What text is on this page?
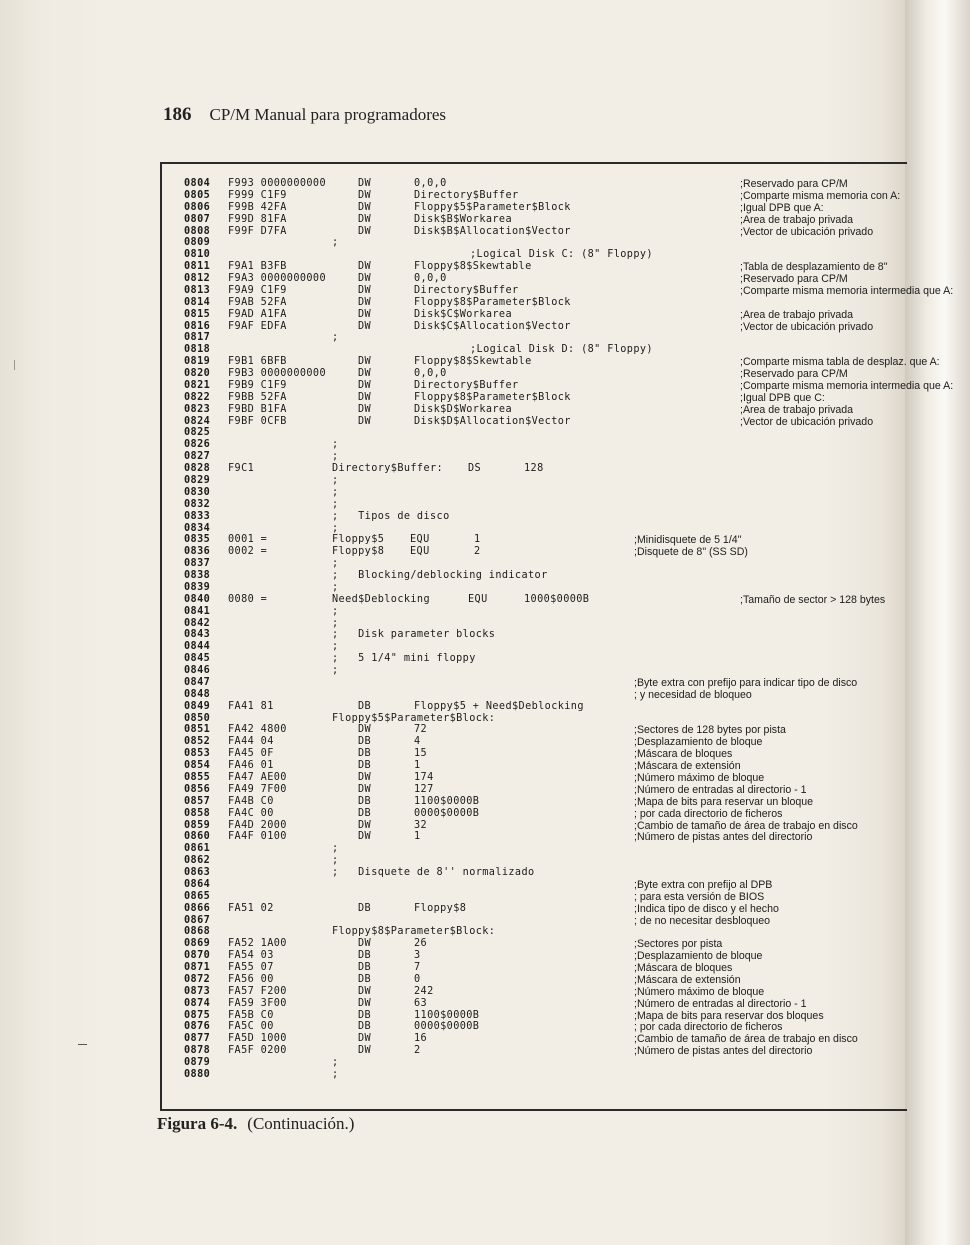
186 CP/M Manual para programadores
0804 F993 0000000000	DW	0,0,0	;Reservado para CP/M
0805 F999 C1F9	DW	Directory$Buffer	;Comparte misma memoria con A:
0806 F99B 42FA	DW	Floppy$5$Parameter$Block	;Igual DPB que A:
0807 F99D 81FA	DW	Disk$B$Workarea	;Area de trabajo privada
0808 F99F D7FA	DW	Disk$B$Allocation$Vector	;Vector de ubicación privado
0809	;
0810	;Logical Disk C: (8" Floppy)
0811 F9A1 B3FB	DW	Floppy$8$Skewtable	;Tabla de desplazamiento de 8"
0812 F9A3 0000000000	DW	0,0,0	;Reservado para CP/M
0813 F9A9 C1F9	DW	Directory$Buffer	;Comparte misma memoria intermedia que A:
0814 F9AB 52FA	DW	Floppy$8$Parameter$Block
0815 F9AD A1FA	DW	Disk$C$Workarea	;Area de trabajo privada
0816 F9AF EDFA	DW	Disk$C$Allocation$Vector	;Vector de ubicación privado
0817	;
0818	;Logical Disk D: (8" Floppy)
0819 F9B1 6BFB	DW	Floppy$8$Skewtable	;Comparte misma tabla de desplaz. que A:
0820 F9B3 0000000000	DW	0,0,0	;Reservado para CP/M
0821 F9B9 C1F9	DW	Directory$Buffer	;Comparte misma memoria intermedia que A:
0822 F9BB 52FA	DW	Floppy$8$Parameter$Block	;Igual DPB que C:
0823 F9BD B1FA	DW	Disk$D$Workarea	;Area de trabajo privada
0824 F9BF 0CFB	DW	Disk$D$Allocation$Vector	;Vector de ubicación privado
0825
0826	;
0827	;
0828 F9C1	Directory$Buffer: DS	128
0829	;
0830	;
0832	;
0833	;   Tipos de disco
0834	;
0835 0001 =	Floppy$5	EQU	1	;Minidisquete de 5 1/4''
0836 0002 =	Floppy$8	EQU	2	;Disquete de 8" (SS SD)
0837	;
0838	;   Blocking/deblocking indicator
0839	;
0840 0080 =	Need$Deblocking	EQU	1000$0000B	;Tamaño de sector > 128 bytes
0841	;
0842	;
0843	;   Disk parameter blocks
0844	;
0845	;   5 1/4" mini floppy
0846	;
0847	;Byte extra con prefijo para indicar tipo de disco
0848	; y necesidad de bloqueo
0849 FA41 81	DB	Floppy$5 + Need$Deblocking
0850	Floppy$5$Parameter$Block:
0851 FA42 4800	DW	72	;Sectores de 128 bytes por pista
0852 FA44 04	DB	4	;Desplazamiento de bloque
0853 FA45 0F	DB	15	;Máscara de bloques
0854 FA46 01	DB	1	;Máscara de extensión
0855 FA47 AE00	DW	174	;Número máximo de bloque
0856 FA49 7F00	DW	127	;Número de entradas al directorio - 1
0857 FA4B C0	DB	1100$0000B	;Mapa de bits para reservar un bloque
0858 FA4C 00	DB	0000$0000B	; por cada directorio de ficheros
0859 FA4D 2000	DW	32	;Cambio de tamaño de área de trabajo en disco
0860 FA4F 0100	DW	1	;Número de pistas antes del directorio
0861	;
0862	;
0863	;   Disquete de 8'' normalizado
0864	;Byte extra con prefijo al DPB
0865	; para esta versión de BIOS
0866 FA51 02	DB	Floppy$8	;Indica tipo de disco y el hecho
0867	; de no necesitar desbloqueo
0868	Floppy$8$Parameter$Block:
0869 FA52 1A00	DW	26	;Sectores por pista
0870 FA54 03	DB	3	;Desplazamiento de bloque
0871 FA55 07	DB	7	;Máscara de bloques
0872 FA56 00	DB	0	;Máscara de extensión
0873 FA57 F200	DW	242	;Número máximo de bloque
0874 FA59 3F00	DW	63	;Número de entradas al directorio - 1
0875 FA5B C0	DB	1100$0000B	;Mapa de bits para reservar dos bloques
0876 FA5C 00	DB	0000$0000B	; por cada directorio de ficheros
0877 FA5D 1000	DW	16	;Cambio de tamaño de área de trabajo en disco
0878 FA5F 0200	DW	2	;Número de pistas antes del directorio
0879	;
0880	;
Figura 6-4. (Continuación.)
